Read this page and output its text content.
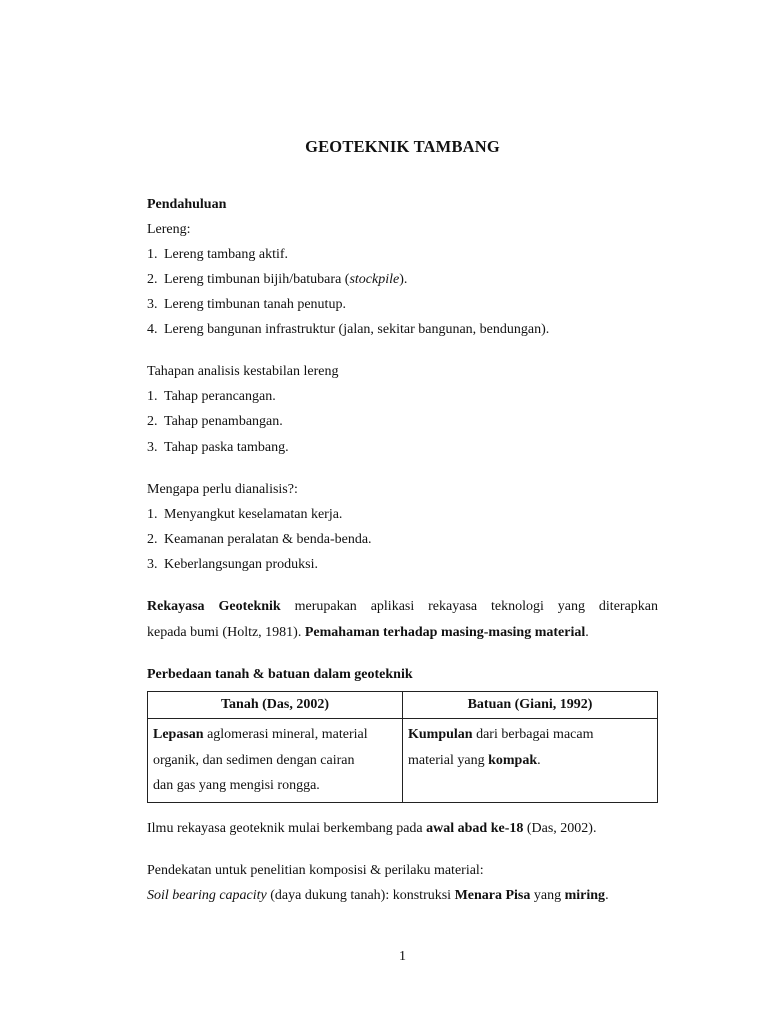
GEOTEKNIK TAMBANG
Pendahuluan
Lereng:
1. Lereng tambang aktif.
2. Lereng timbunan bijih/batubara (stockpile).
3. Lereng timbunan tanah penutup.
4. Lereng bangunan infrastruktur (jalan, sekitar bangunan, bendungan).
Tahapan analisis kestabilan lereng
1. Tahap perancangan.
2. Tahap penambangan.
3. Tahap paska tambang.
Mengapa perlu dianalisis?:
1. Menyangkut keselamatan kerja.
2. Keamanan peralatan & benda-benda.
3. Keberlangsungan produksi.
Rekayasa Geoteknik merupakan aplikasi rekayasa teknologi yang diterapkan
kepada bumi (Holtz, 1981). Pemahaman terhadap masing-masing material.
Perbedaan tanah & batuan dalam geoteknik
Tanah (Das, 2002)	Batuan (Giani, 1992)
Lepasan aglomerasi mineral, material
organik, dan sedimen dengan cairan
dan gas yang mengisi rongga.	Kumpulan dari berbagai macam
material yang kompak.
Ilmu rekayasa geoteknik mulai berkembang pada awal abad ke-18 (Das, 2002).
Pendekatan untuk penelitian komposisi & perilaku material:
Soil bearing capacity (daya dukung tanah): konstruksi Menara Pisa yang miring.
1
